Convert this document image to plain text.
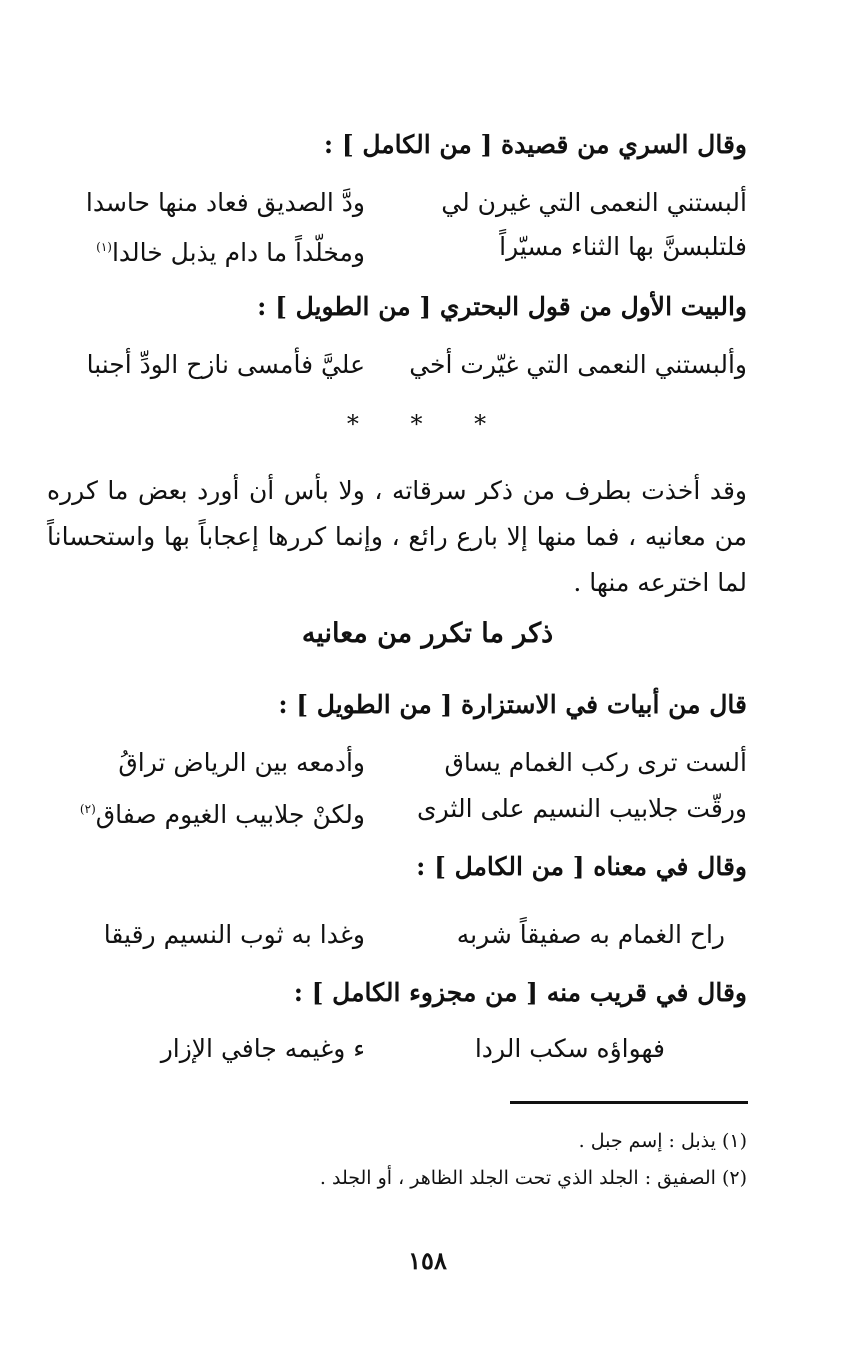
وقال السري من قصيدة [ من الكامل ] :
ألبستني النعمى التي غيرن لي
ودَّ الصديق فعاد منها حاسدا
فلتلبسنَّ بها الثناء مسيّراً
ومخلّداً ما دام يذبل خالدا$^{(١)}$
والبيت الأول من قول البحتري [ من الطويل ] :
وألبستني النعمى التي غيّرت أخي
عليَّ فأمسى نازح الودِّ أجنبا
* * *
وقد أخذت بطرف من ذكر سرقاته ، ولا بأس أن أورد بعض ما كرره من معانيه ، فما منها إلا بارع رائع ، وإنما كررها إعجاباً بها واستحساناً لما اخترعه منها .
ذكر ما تكرر من معانيه
قال من أبيات في الاستزارة [ من الطويل ] :
ألست ترى ركب الغمام يساق
وأدمعه بين الرياض تراقُ
ورقّت جلابيب النسيم على الثرى
ولكنْ جلابيب الغيوم صفاق$^{(٢)}$
وقال في معناه [ من الكامل ] :
راح الغمام به صفيقاً شربه
وغدا به ثوب النسيم رقيقا
وقال في قريب منه [ من مجزوء الكامل ] :
فهواؤه سكب الردا
ء وغيمه جافي الإزار
(١) يذبل : إسم جبل .
(٢) الصفيق : الجلد الذي تحت الجلد الظاهر ، أو الجلد .
١٥٨
